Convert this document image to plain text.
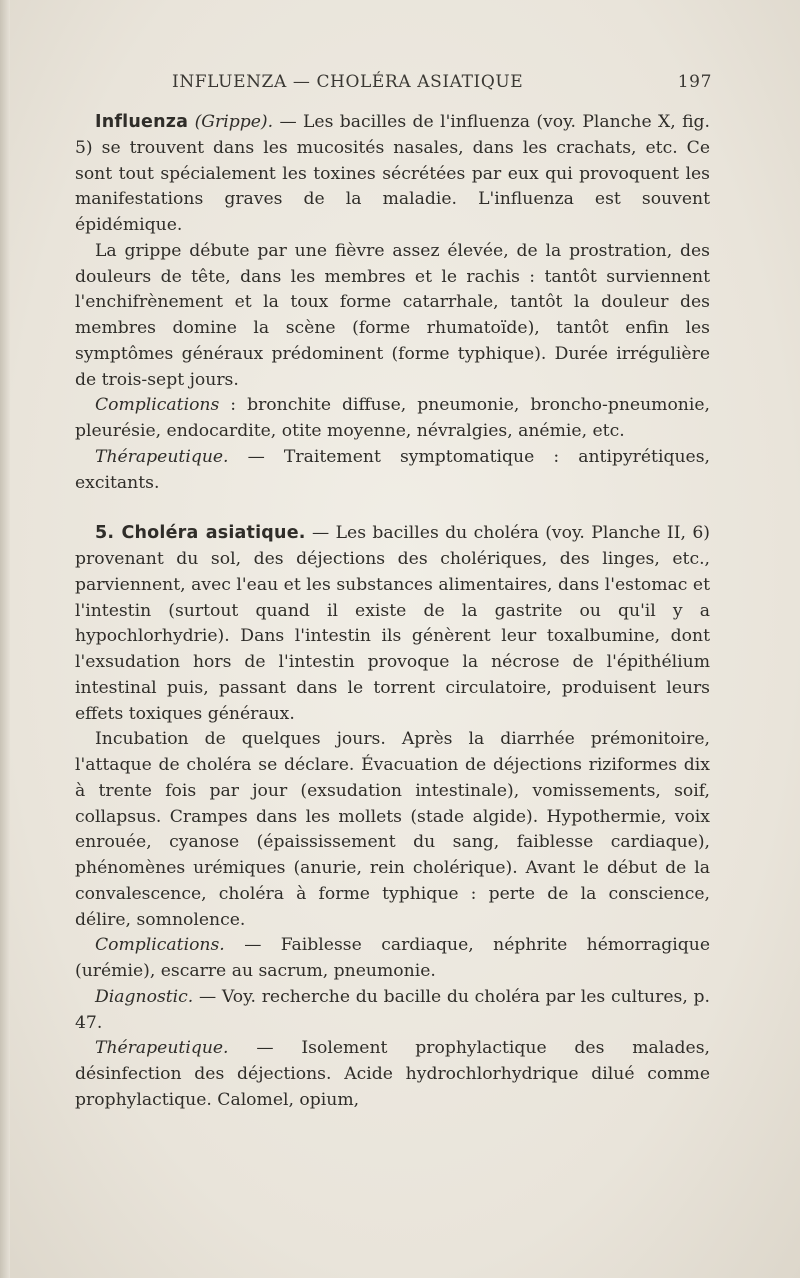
INFLUENZA — CHOLÉRA ASIATIQUE	197

Influenza (Grippe). — Les bacilles de l'influenza (voy. Planche X, fig. 5) se trouvent dans les mucosités nasales, dans les crachats, etc. Ce sont tout spécialement les toxines sécrétées par eux qui provoquent les manifestations graves de la maladie. L'influenza est souvent épidémique.

La grippe débute par une fièvre assez élevée, de la prostration, des douleurs de tête, dans les membres et le rachis : tantôt surviennent l'enchifrènement et la toux forme catarrhale, tantôt la douleur des membres domine la scène (forme rhumatoïde), tantôt enfin les symptômes généraux prédominent (forme typhique). Durée irrégulière de trois-sept jours.

Complications : bronchite diffuse, pneumonie, broncho-pneumonie, pleurésie, endocardite, otite moyenne, névralgies, anémie, etc.

Thérapeutique. — Traitement symptomatique : antipyrétiques, excitants.

5. Choléra asiatique. — Les bacilles du choléra (voy. Planche II, 6) provenant du sol, des déjections des cholériques, des linges, etc., parviennent, avec l'eau et les substances alimentaires, dans l'estomac et l'intestin (surtout quand il existe de la gastrite ou qu'il y a hypochlorhydrie). Dans l'intestin ils génèrent leur toxalbumine, dont l'exsudation hors de l'intestin provoque la nécrose de l'épithélium intestinal puis, passant dans le torrent circulatoire, produisent leurs effets toxiques généraux.

Incubation de quelques jours. Après la diarrhée prémonitoire, l'attaque de choléra se déclare. Évacuation de déjections riziformes dix à trente fois par jour (exsudation intestinale), vomissements, soif, collapsus. Crampes dans les mollets (stade algide). Hypothermie, voix enrouée, cyanose (épaississement du sang, faiblesse cardiaque), phénomènes urémiques (anurie, rein cholérique). Avant le début de la convalescence, choléra à forme typhique : perte de la conscience, délire, somnolence.

Complications. — Faiblesse cardiaque, néphrite hémorragique (urémie), escarre au sacrum, pneumonie.

Diagnostic. — Voy. recherche du bacille du choléra par les cultures, p. 47.

Thérapeutique. — Isolement prophylactique des malades, désinfection des déjections. Acide hydrochlorhydrique dilué comme prophylactique. Calomel, opium,
